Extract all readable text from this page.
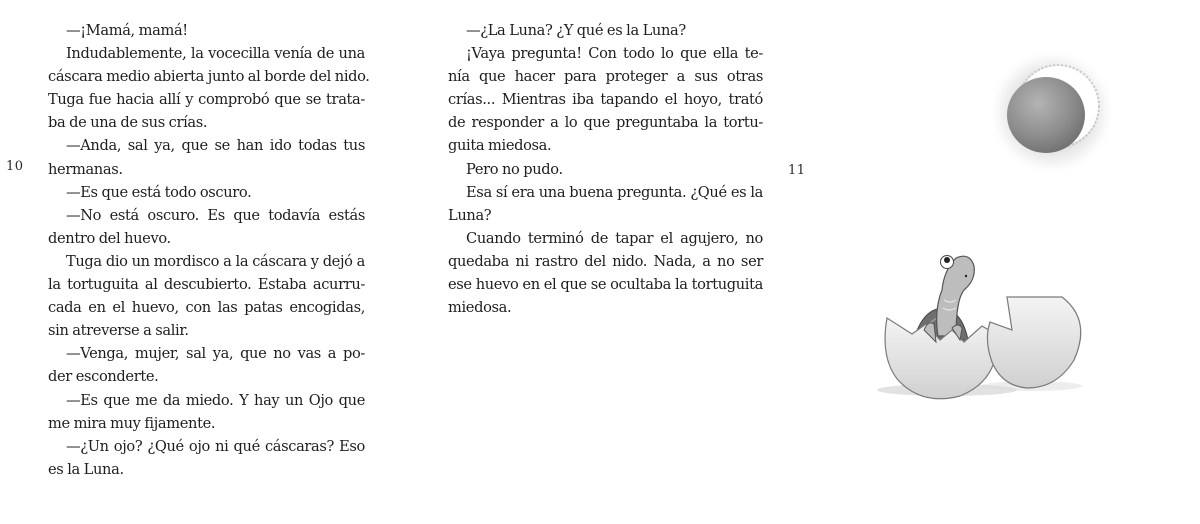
—¡Mamá, mamá!
Indudablemente, la vocecilla venía de una
cáscara medio abierta junto al borde del nido.
Tuga fue hacia allí y comprobó que se trata-
ba de una de sus crías.
—Anda, sal ya, que se han ido todas tus
hermanas.
—Es que está todo oscuro.
—No está oscuro. Es que todavía estás
dentro del huevo.
Tuga dio un mordisco a la cáscara y dejó a
la tortuguita al descubierto. Estaba acurru-
cada en el huevo, con las patas encogidas,
sin atreverse a salir.
—Venga, mujer, sal ya, que no vas a po-
der esconderte.
—Es que me da miedo. Y hay un Ojo que
me mira muy fijamente.
—¿Un ojo? ¿Qué ojo ni qué cáscaras? Eso
es la Luna.
10
—¿La Luna? ¿Y qué es la Luna?
¡Vaya pregunta! Con todo lo que ella te-
nía que hacer para proteger a sus otras
crías... Mientras iba tapando el hoyo, trató
de responder a lo que preguntaba la tortu-
guita miedosa.
Pero no pudo.
Esa sí era una buena pregunta. ¿Qué es la
Luna?
Cuando terminó de tapar el agujero, no
quedaba ni rastro del nido. Nada, a no ser
ese huevo en el que se ocultaba la tortuguita
miedosa.
11
